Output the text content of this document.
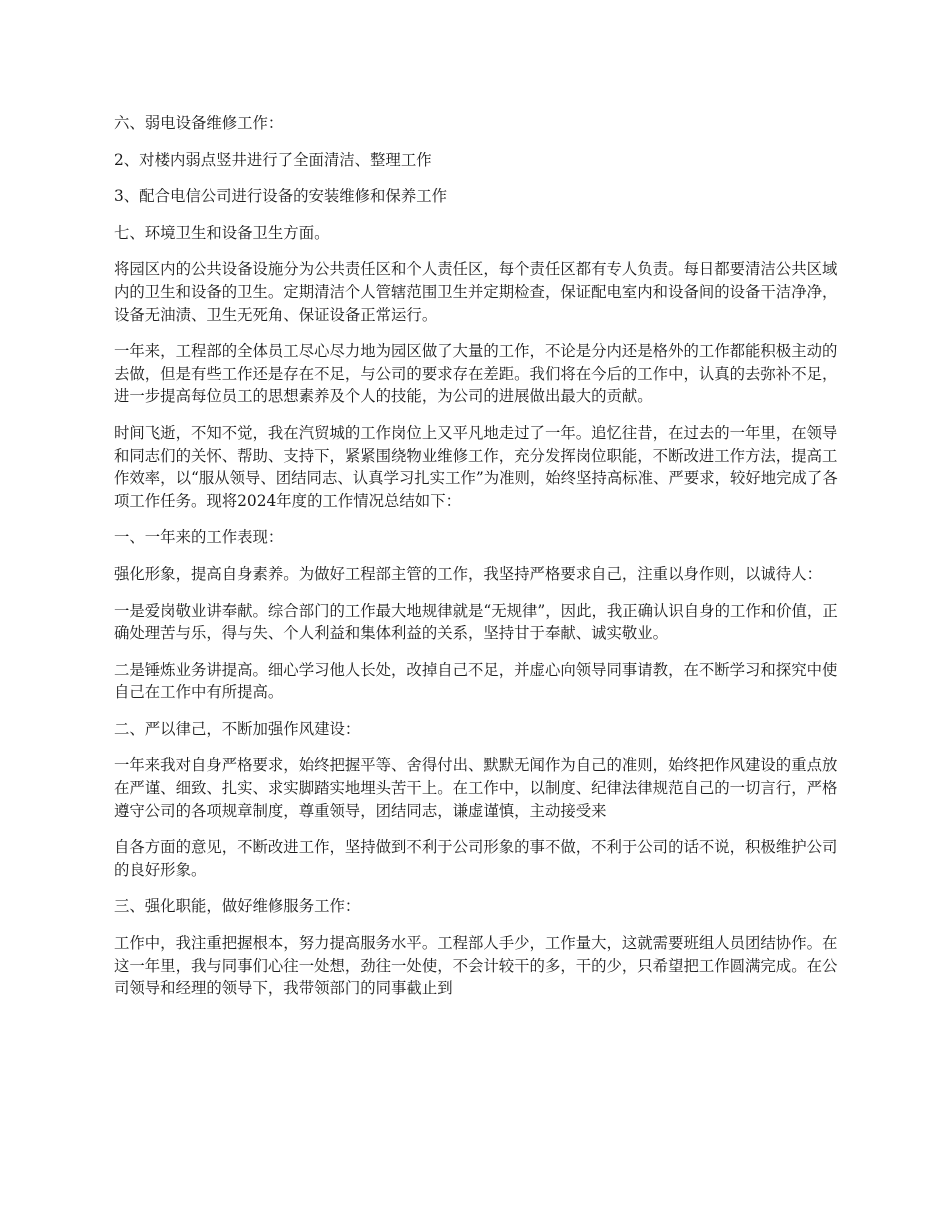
六、弱电设备维修工作：

2、对楼内弱点竖井进行了全面清洁、整理工作

3、配合电信公司进行设备的安装维修和保养工作

七、环境卫生和设备卫生方面。

将园区内的公共设备设施分为公共责任区和个人责任区，每个责任区都有专人负责。每日都要清洁公共区域内的卫生和设备的卫生。定期清洁个人管辖范围卫生并定期检查，保证配电室内和设备间的设备干洁净净，设备无油渍、卫生无死角、保证设备正常运行。

一年来，工程部的全体员工尽心尽力地为园区做了大量的工作，不论是分内还是格外的工作都能积极主动的去做，但是有些工作还是存在不足，与公司的要求存在差距。我们将在今后的工作中，认真的去弥补不足，进一步提高每位员工的思想素养及个人的技能，为公司的进展做出最大的贡献。

时间飞逝，不知不觉，我在汽贸城的工作岗位上又平凡地走过了一年。追忆往昔，在过去的一年里，在领导和同志们的关怀、帮助、支持下，紧紧围绕物业维修工作，充分发挥岗位职能，不断改进工作方法，提高工作效率，以“服从领导、团结同志、认真学习扎实工作”为准则，始终坚持高标准、严要求，较好地完成了各项工作任务。现将2024年度的工作情况总结如下：

一、一年来的工作表现：

强化形象，提高自身素养。为做好工程部主管的工作，我坚持严格要求自己，注重以身作则，以诚待人：

一是爱岗敬业讲奉献。综合部门的工作最大地规律就是“无规律”，因此，我正确认识自身的工作和价值，正确处理苦与乐，得与失、个人利益和集体利益的关系，坚持甘于奉献、诚实敬业。

二是锤炼业务讲提高。细心学习他人长处，改掉自己不足，并虚心向领导同事请教，在不断学习和探究中使自己在工作中有所提高。

二、严以律己，不断加强作风建设：

一年来我对自身严格要求，始终把握平等、舍得付出、默默无闻作为自己的准则，始终把作风建设的重点放在严谨、细致、扎实、求实脚踏实地埋头苦干上。在工作中，以制度、纪律法律规范自己的一切言行，严格遵守公司的各项规章制度，尊重领导，团结同志，谦虚谨慎，主动接受来

自各方面的意见，不断改进工作，坚持做到不利于公司形象的事不做，不利于公司的话不说，积极维护公司的良好形象。

三、强化职能，做好维修服务工作：

工作中，我注重把握根本，努力提高服务水平。工程部人手少，工作量大，这就需要班组人员团结协作。在这一年里，我与同事们心往一处想，劲往一处使，不会计较干的多，干的少，只希望把工作圆满完成。在公司领导和经理的领导下，我带领部门的同事截止到
